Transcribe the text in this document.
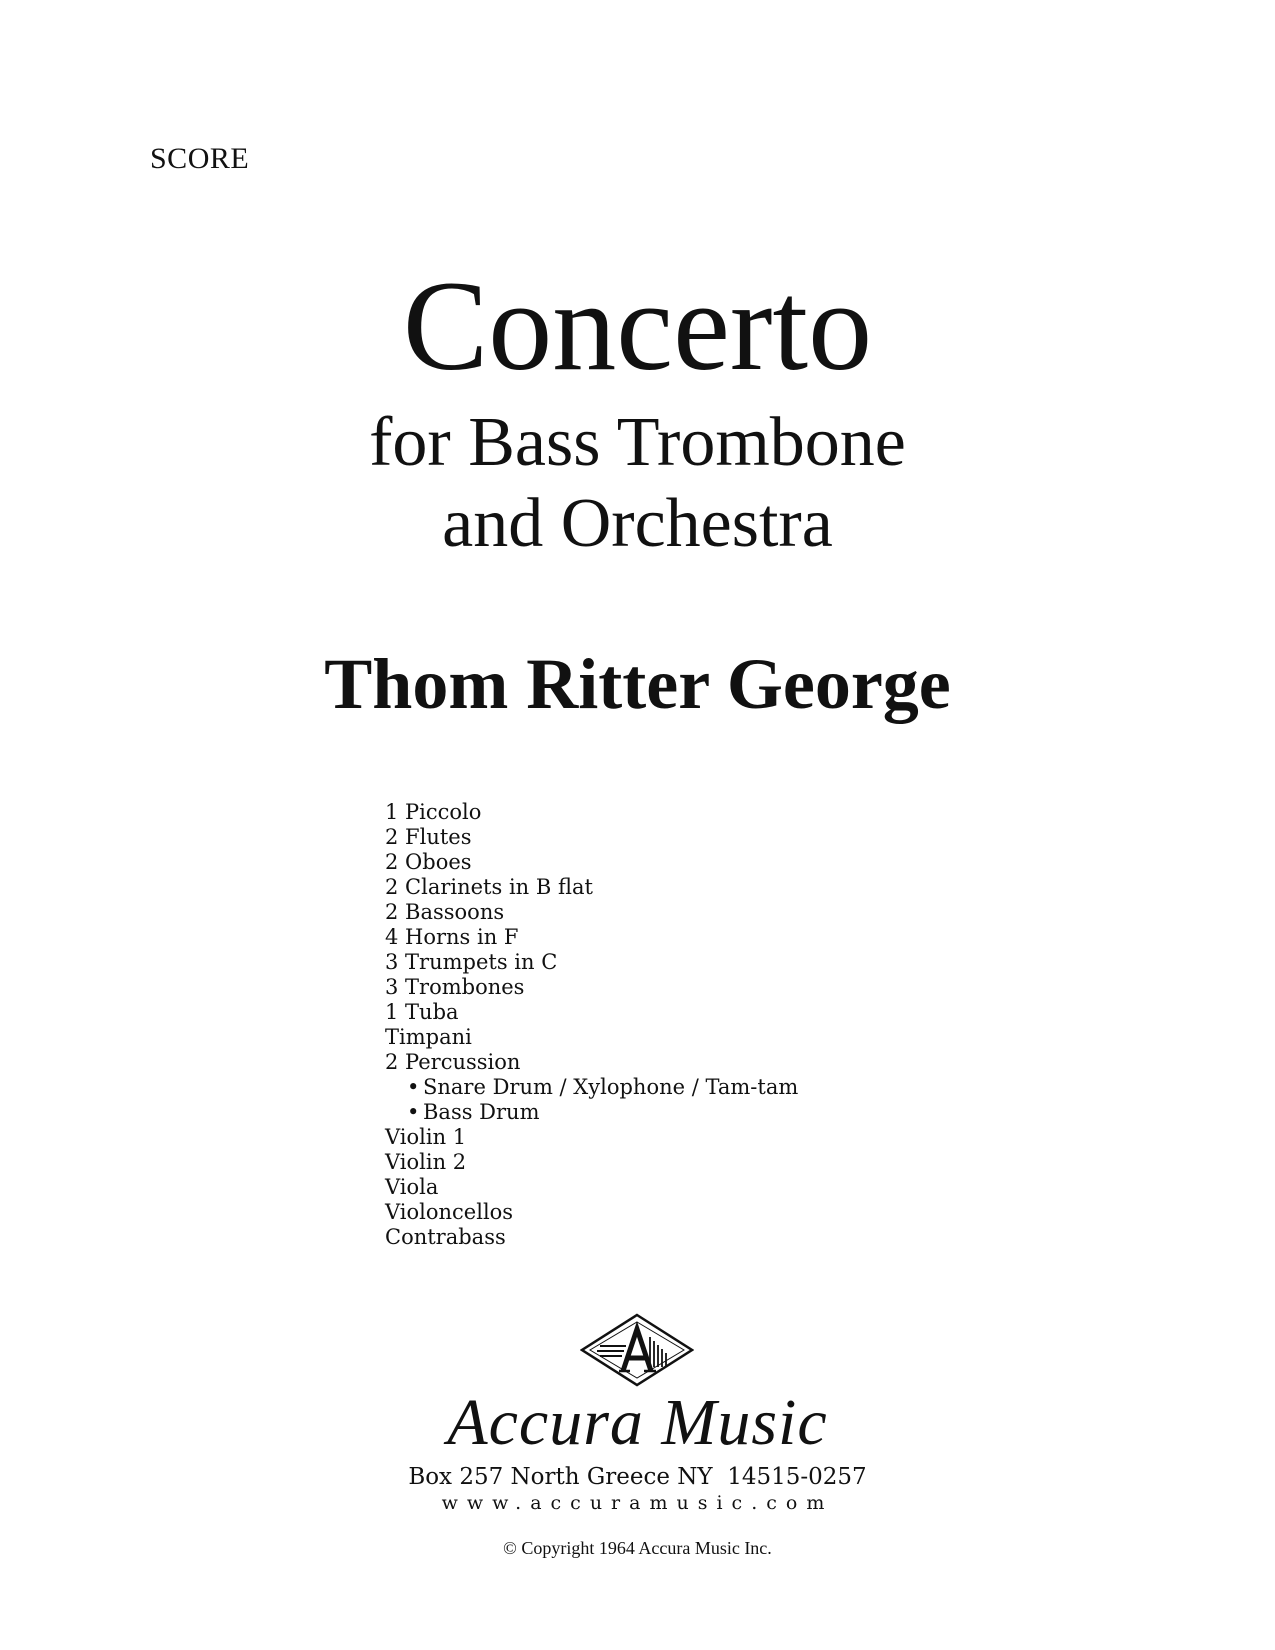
SCORE
Concerto
for Bass Trombone
and Orchestra
Thom Ritter George
1 Piccolo
2 Flutes
2 Oboes
2 Clarinets in B flat
2 Bassoons
4 Horns in F
3 Trumpets in C
3 Trombones
1 Tuba
Timpani
2 Percussion
• Snare Drum / Xylophone / Tam-tam
• Bass Drum
Violin 1
Violin 2
Viola
Violoncellos
Contrabass
Accura Music
Box 257 North Greece NY  14515-0257
www.accuramusic.com
© Copyright 1964 Accura Music Inc.
